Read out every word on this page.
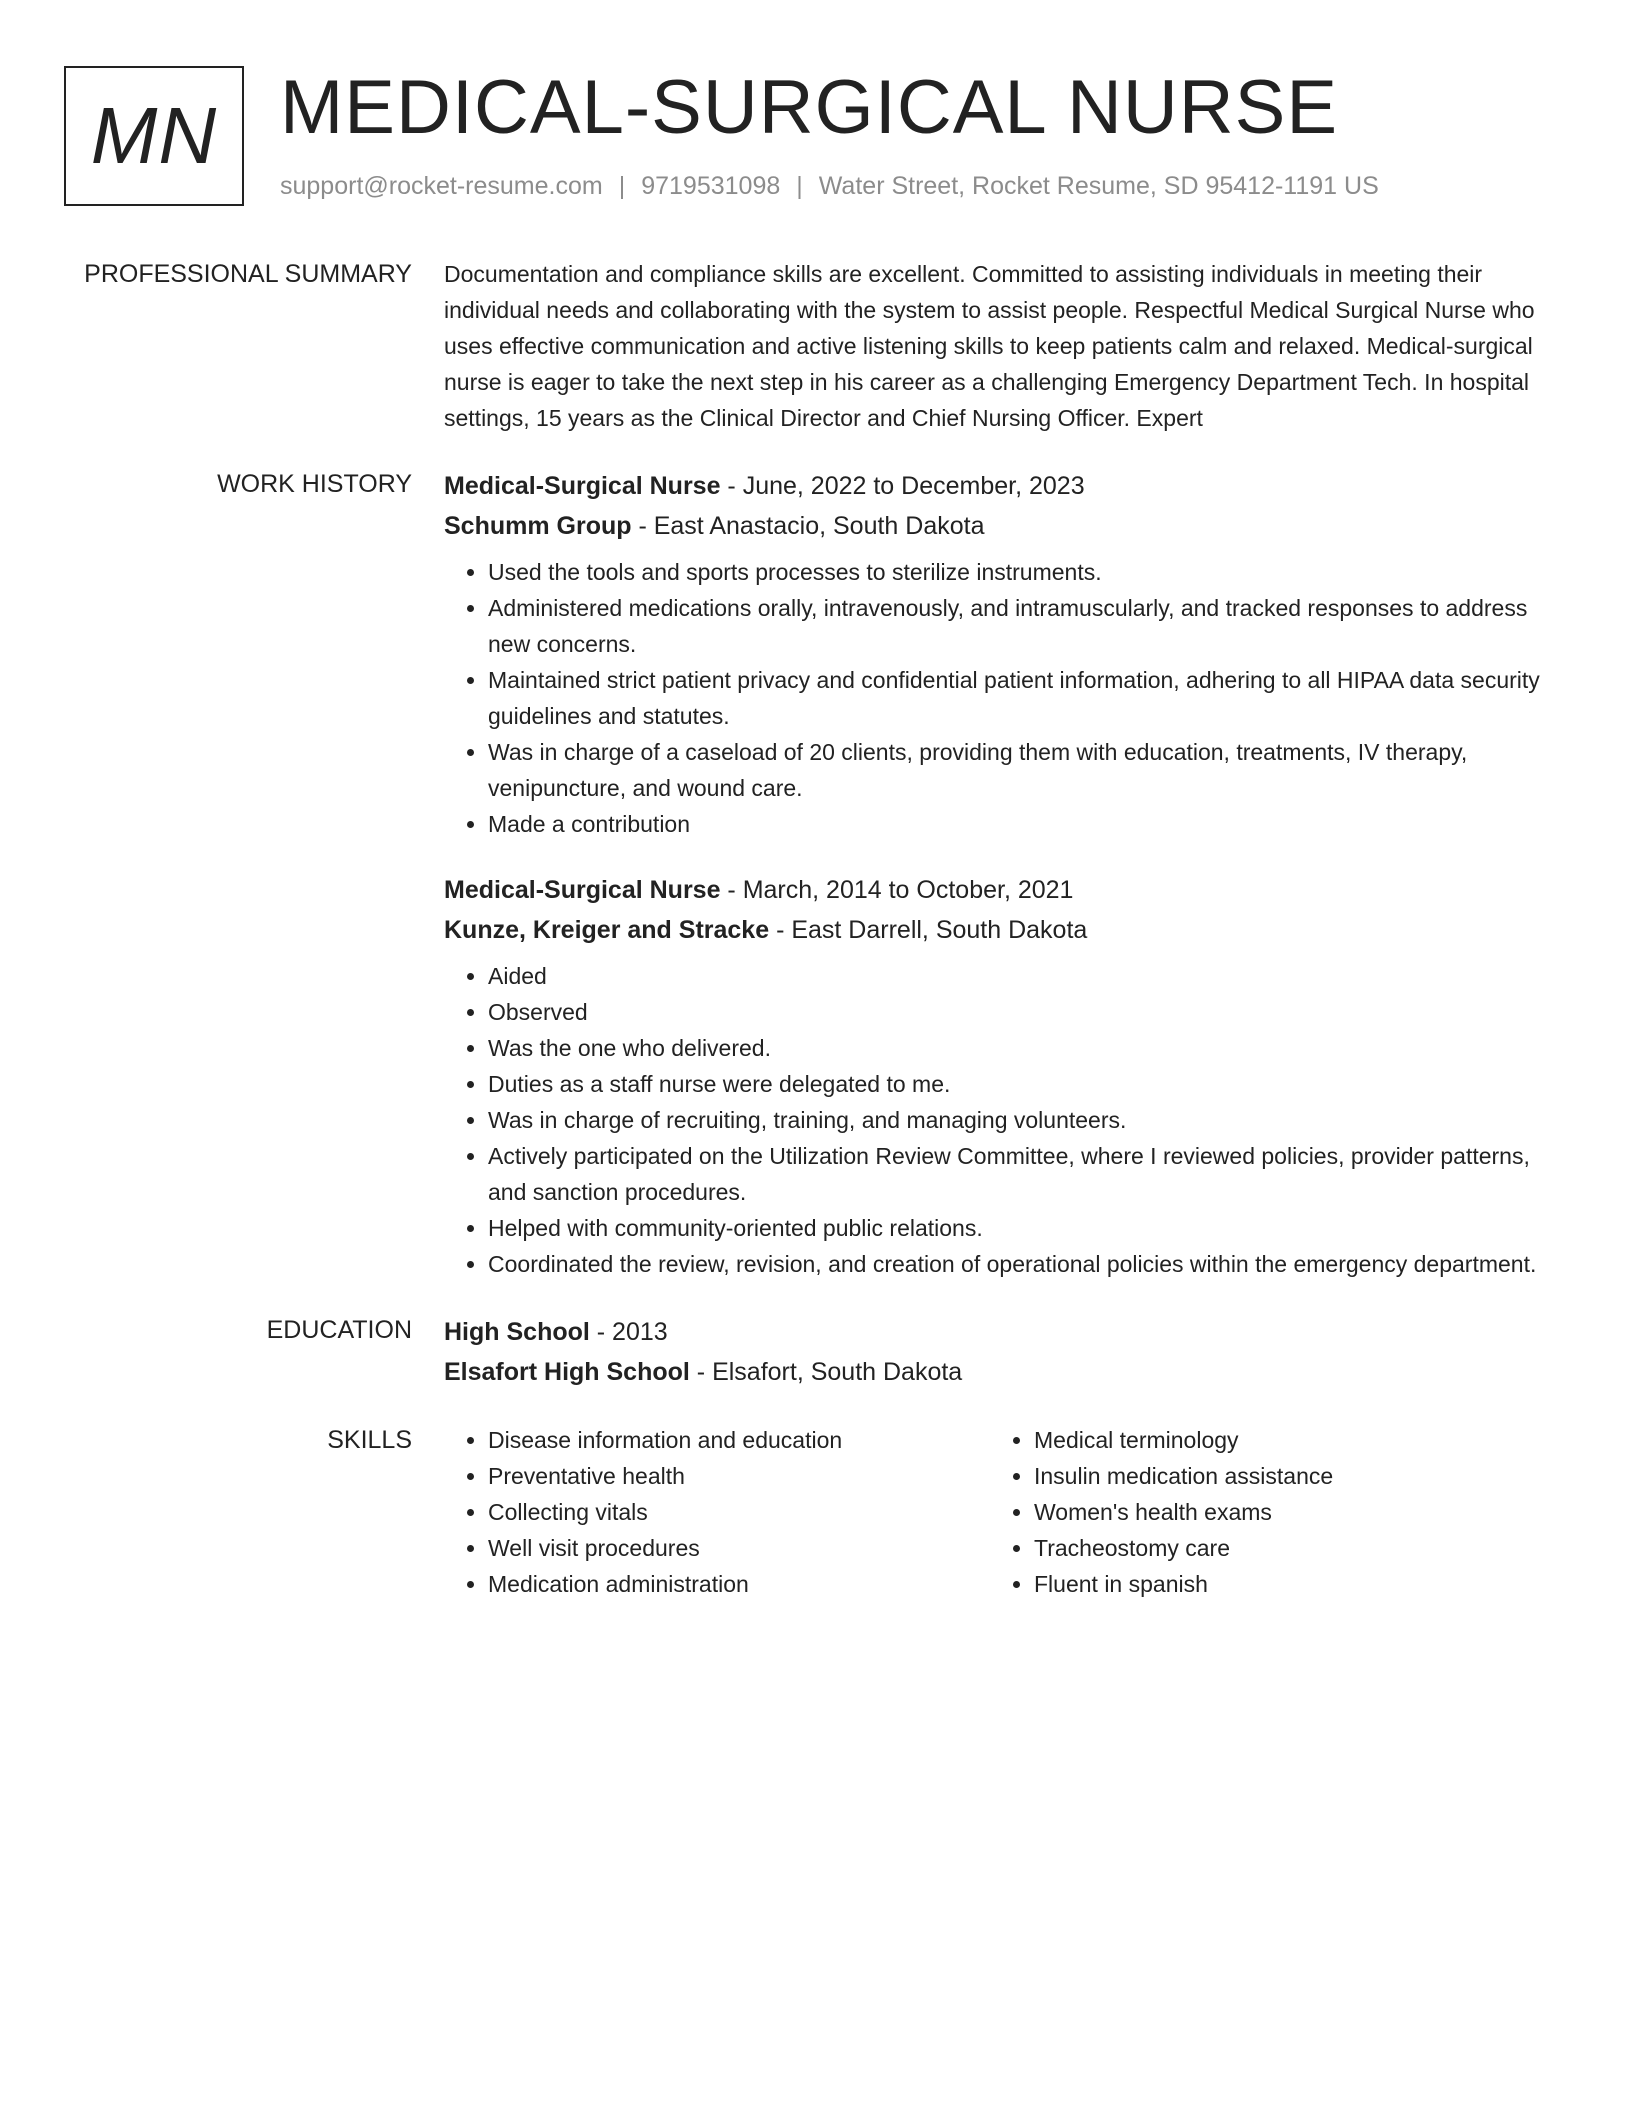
MN MEDICAL-SURGICAL NURSE
support@rocket-resume.com | 9719531098 | Water Street, Rocket Resume, SD 95412-1191 US
PROFESSIONAL SUMMARY Documentation and compliance skills are excellent. Committed to assisting individuals in meeting their individual needs and collaborating with the system to assist people. Respectful Medical Surgical Nurse who uses effective communication and active listening skills to keep patients calm and relaxed. Medical-surgical nurse is eager to take the next step in his career as a challenging Emergency Department Tech. In hospital settings, 15 years as the Clinical Director and Chief Nursing Officer. Expert
WORK HISTORY Medical-Surgical Nurse - June, 2022 to December, 2023
Schumm Group - East Anastacio, South Dakota
• Used the tools and sports processes to sterilize instruments.
• Administered medications orally, intravenously, and intramuscularly, and tracked responses to address new concerns.
• Maintained strict patient privacy and confidential patient information, adhering to all HIPAA data security guidelines and statutes.
• Was in charge of a caseload of 20 clients, providing them with education, treatments, IV therapy, venipuncture, and wound care.
• Made a contribution
Medical-Surgical Nurse - March, 2014 to October, 2021
Kunze, Kreiger and Stracke - East Darrell, South Dakota
• Aided
• Observed
• Was the one who delivered.
• Duties as a staff nurse were delegated to me.
• Was in charge of recruiting, training, and managing volunteers.
• Actively participated on the Utilization Review Committee, where I reviewed policies, provider patterns, and sanction procedures.
• Helped with community-oriented public relations.
• Coordinated the review, revision, and creation of operational policies within the emergency department.
EDUCATION High School - 2013
Elsafort High School - Elsafort, South Dakota
SKILLS
•	Disease information and education
• Preventative health
• Collecting vitals
• Well visit procedures
• Medication administration
• Medical terminology
• Insulin medication assistance
• Women's health exams
• Tracheostomy care
• Fluent in spanish
